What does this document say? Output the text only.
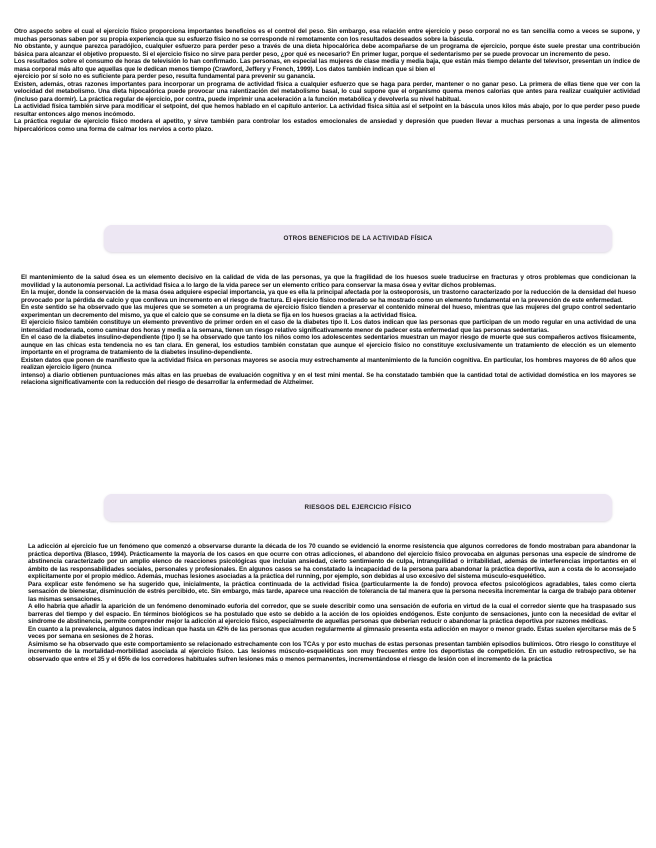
Otro aspecto sobre el cual el ejercicio físico proporciona importantes beneficios es el control del peso. Sin embargo, esa relación entre ejercicio y peso corporal no es tan sencilla como a veces se supone, y muchas personas saben por su propia experiencia que su esfuerzo físico no se corresponde ni remotamente con los resultados deseados sobre la báscula.

No obstante, y aunque parezca paradójico, cualquier esfuerzo para perder peso a través de una dieta hipocalórica debe acompañarse de un programa de ejercicio, porque éste suele prestar una contribución básica para alcanzar el objetivo propuesto. Si el ejercicio físico no sirve para perder peso, ¿por qué es necesario? En primer lugar, porque el sedentarismo per se puede provocar un incremento de peso.

Los resultados sobre el consumo de horas de televisión lo han confirmado. Las personas, en especial las mujeres de clase media y media baja, que están más tiempo delante del televisor, presentan un índice de masa corporal más alto que aquellas que le dedican menos tiempo (Crawford, Jeffery y French, 1999). Los datos también indican que si bien el

ejercicio por sí solo no es suficiente para perder peso, resulta fundamental para prevenir su ganancia.

Existen, además, otras razones importantes para incorporar un programa de actividad física a cualquier esfuerzo que se haga para perder, mantener o no ganar peso. La primera de ellas tiene que ver con la velocidad del metabolismo. Una dieta hipocalórica puede provocar una ralentización del metabolismo basal, lo cual supone que el organismo quema menos calorías que antes para realizar cualquier actividad (incluso para dormir). La práctica regular de ejercicio, por contra, puede imprimir una aceleración a la función metabólica y devolverla su nivel habitual.

La actividad física también sirve para modificar el setpoint, del que hemos hablado en el capítulo anterior. La actividad física sitúa así el setpoint en la báscula unos kilos más abajo, por lo que perder peso puede resultar entonces algo menos incómodo.

La práctica regular de ejercicio físico modera el apetito, y sirve también para controlar los estados emocionales de ansiedad y depresión que pueden llevar a muchas personas a una ingesta de alimentos hipercalóricos como una forma de calmar los nervios a corto plazo.

OTROS BENEFICIOS DE LA ACTIVIDAD FÍSICA

El mantenimiento de la salud ósea es un elemento decisivo en la calidad de vida de las personas, ya que la fragilidad de los huesos suele traducirse en fracturas y otros problemas que condicionan la movilidad y la autonomía personal. La actividad física a lo largo de la vida parece ser un elemento crítico para conservar la masa ósea y evitar dichos problemas.

En la mujer, donde la conservación de la masa ósea adquiere especial importancia, ya que es ella la principal afectada por la osteoporosis, un trastorno caracterizado por la reducción de la densidad del hueso provocado por la pérdida de calcio y que conlleva un incremento en el riesgo de fractura. El ejercicio físico moderado se ha mostrado como un elemento fundamental en la prevención de este enfermedad.

En este sentido se ha observado que las mujeres que se someten a un programa de ejercicio físico tienden a preservar el contenido mineral del hueso, mientras que las mujeres del grupo control sedentario experimentan un decremento del mismo, ya que el calcio que se consume en la dieta se fija en los huesos gracias a la actividad física.

El ejercicio físico también constituye un elemento preventivo de primer orden en el caso de la diabetes tipo II. Los datos indican que las personas que participan de un modo regular en una actividad de una intensidad moderada, como caminar dos horas y media a la semana, tienen un riesgo relativo significativamente menor de padecer esta enfermedad que las personas sedentarias.

En el caso de la diabetes insulino-dependiente (tipo I) se ha observado que tanto los niños como los adolescentes sedentarios muestran un mayor riesgo de muerte que sus compañeros activos físicamente, aunque en las chicas esta tendencia no es tan clara. En general, los estudios también constatan que aunque el ejercicio físico no constituye exclusivamente un tratamiento de elección es un elemento importante en el programa de tratamiento de la diabetes insulino-dependiente.

Existen datos que ponen de manifiesto que la actividad física en personas mayores se asocia muy estrechamente al mantenimiento de la función cognitiva. En particular, los hombres mayores de 60 años que realizan ejercicio ligero (nunca

intenso) a diario obtienen puntuaciones más altas en las pruebas de evaluación cognitiva y en el test mini mental. Se ha constatado también que la cantidad total de actividad doméstica en los mayores se relaciona significativamente con la reducción del riesgo de desarrollar la enfermedad de Alzheimer.

RIESGOS DEL EJERCICIO FÍSICO

La adicción al ejercicio fue un fenómeno que comenzó a observarse durante la década de los 70 cuando se evidenció la enorme resistencia que algunos corredores de fondo mostraban para abandonar la práctica deportiva (Blasco, 1994). Prácticamente la mayoría de los casos en que ocurre con otras adicciones, el abandono del ejercicio físico provocaba en algunas personas una especie de síndrome de abstinencia caracterizado por un amplio elenco de reacciones psicológicas que incluían ansiedad, cierto sentimiento de culpa, intranquilidad o irritabilidad, además de interferencias importantes en el ámbito de las responsabilidades sociales, personales y profesionales. En algunos casos se ha constatado la incapacidad de la persona para abandonar la práctica deportiva, aun a costa de lo aconsejado explícitamente por el propio médico. Además, muchas lesiones asociadas a la práctica del running, por ejemplo, son debidas al uso excesivo del sistema músculo-esquelético.

Para explicar este fenómeno se ha sugerido que, inicialmente, la práctica continuada de la actividad física (particularmente la de fondo) provoca efectos psicológicos agradables, tales como cierta sensación de bienestar, disminución de estrés percibido, etc. Sin embargo, más tarde, aparece una reacción de tolerancia de tal manera que la persona necesita incrementar la carga de trabajo para obtener las mismas sensaciones.

A ello habría que añadir la aparición de un fenómeno denominado euforia del corredor, que se suele describir como una sensación de euforia en virtud de la cual el corredor siente que ha traspasado sus barreras del tiempo y del espacio. En términos biológicos se ha postulado que esto se debido a la acción de los opioides endógenos. Este conjunto de sensaciones, junto con la necesidad de evitar el síndrome de abstinencia, permite comprender mejor la adicción al ejercicio físico, especialmente de aquellas personas que deberían reducir o abandonar la práctica deportiva por razones médicas.

En cuanto a la prevalencia, algunos datos indican que hasta un 42% de las personas que acuden regularmente al gimnasio presenta esta adicción en mayor o menor grado. Estas suelen ejercitarse más de 5 veces por semana en sesiones de 2 horas.

Asimismo se ha observado que este comportamiento se relacionado estrechamente con los TCAs y por esto muchas de estas personas presentan también episodios bulímicos. Otro riesgo lo constituye el incremento de la mortalidad-morbilidad asociada al ejercicio físico. Las lesiones músculo-esqueléticas son muy frecuentes entre los deportistas de competición. En un estudio retrospectivo, se ha observado que entre el 35 y el 65% de los corredores habituales sufren lesiones más o menos permanentes, incrementándose el riesgo de lesión con el incremento de la práctica
